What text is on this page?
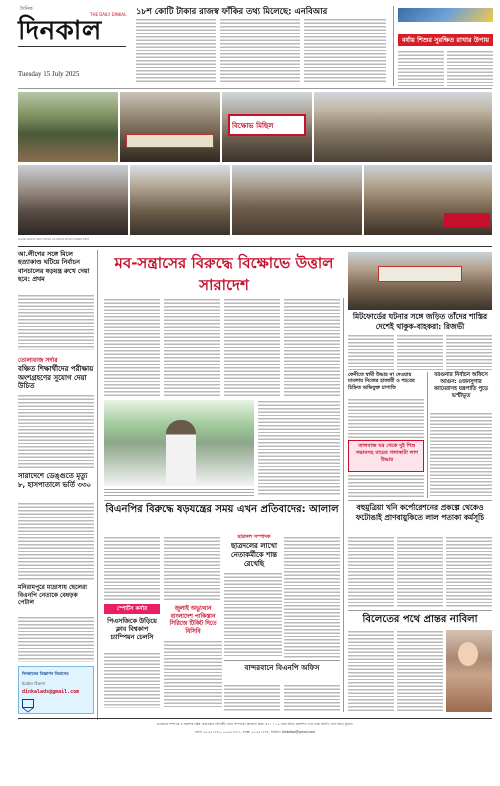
দৈনিক
দিনকাল
THE DAILY DINKAL
Tuesday 15 July 2025
১৮শ কোটি টাকার রাজস্ব ফাঁকির তথ্য মিলেছে: এনবিআর
বর্ষায় শিশুর সুরক্ষিত রাখার উপায়
বিক্ষোভ মিছিল
মাগুরায় প্রবেশের শুরুতে প্রতিবাদ মব-সন্ত্রাসের প্রতিবাদে বিক্ষোভ মিছিল
আ.লীগের সঙ্গে মিলে হত্যাকাণ্ড ঘটিয়ে নির্বাচন বানচালের ষড়যন্ত্র রুখে দেয়া হবে: প্রথম
তোলাবাজ সর্দার
বঞ্চিত শিক্ষার্থীদের পরীক্ষায় অংশগ্রহণের সুযোগ দেয়া উচিত
সারাদেশে ডেঙ্গুতে মৃত্যু ৮, হাসপাতালে ভর্তি ৩৩০
মনিরামপুরে মাদ্রাসায় ছেলেরা বিএনপি নেতাকে বেধড়ক পেটাল
দিনকালের বিজ্ঞাপন বিভাগের
ইমেইল ঠিকানা
dinkalads@gmail.com
মব-সন্ত্রাসের বিরুদ্ধে বিক্ষোভে উত্তাল সারাদেশ
বিএনপির বিরুদ্ধে ষড়যন্ত্রের সময় এখন প্রতিবাদের: আলাল
ছাত্রদল সম্পাদক
ছাত্রদলের লাখো নেতাকর্মীকে শান্ত রেখেছি
স্পোর্টস কর্নার
পিএসজিকে উড়িয়ে ক্লাব বিশ্বকাপ চ্যাম্পিয়ন চেলসি
জুলাই অভ্যুত্থান বাংলাদেশ পাকিস্তান সিরিজে টিকিট দিতে বিসিবি
বান্দরবানে বিএনপি অফিস
মিটফোর্ডের ঘটনার সঙ্গে জড়িত তাঁদের শাস্তির দেশেই থাকুক-বাহকরা: রিজভী
ফেনীতে স্বামী উদ্ধার না দেওয়ায় মামলায় নিজের হাজারী ও শহরের চিহ্নিত অভিযুক্ত চাপাতি
তালবাজ ঘর থেকে দুই শিশু সন্তানসহ মায়ের গলাকাটা লাশ উদ্ধার
বরগুনার নির্বাচন অফিসে আগুন: ৪জনসুগার ক্যামেরাসহ যন্ত্রপাতি পুড়ে ভস্মীভূত
বহুমুত্রিয়া খনি কর্পোরেশনের প্রকল্পে থেকেও ফটোঙাই প্রাণবায়ুকিতে লাল পতাকা কর্মসূচি
বিলেতের পথে প্রান্তর নাবিলা
ভারপ্রাপ্ত সম্পাদক ও প্রকাশক ডক্টর রেজওয়ান সিদ্দিকী। বার্তা সম্পাদক: আরমান মিয়া। ৪২১ ১ ১০ ঢাকা হইতে প্রকাশিত এবং ঢাকা প্রিন্টিং প্রেস হইতে মুদ্রিত।
ফোন: ০২-৯৫১৮৮০, ০২-৯৫১৮৮১, ফ্যাক্স: ০২-৯৫১৮৮৮, ইমেইল: dinkalbd@gmail.com
